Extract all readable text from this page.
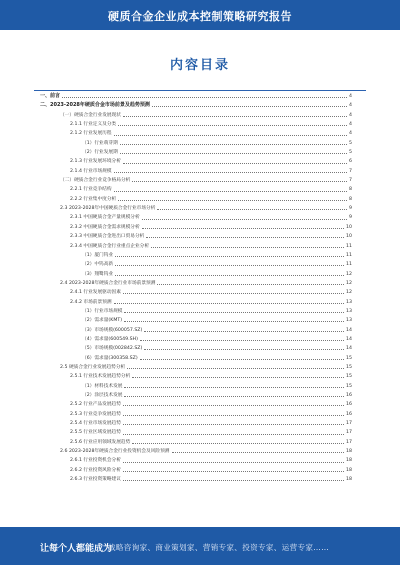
硬质合金企业成本控制策略研究报告
内容目录
一、前言	4
二、2023-2028年硬质合金市场前景及趋势预测	4
（一）硬质合金行业发展现状	4
2.1.1 行业定义及分类	4
2.1.2 行业发展历程	4
（1）行业萌芽期	5
（2）行业发展期	5
2.1.3 行业发展环境分析	6
2.1.4 行业市场规模	7
（二）硬质合金行业竞争格局分析	7
2.2.1 行业竞争结构	8
2.2.2 行业集中度分析	8
2.3 2023-2028年中国硬质合金行业市场分析	9
2.3.1 中国硬质合金产量规模分析	9
2.3.2 中国硬质合金需求规模分析	10
2.3.3 中国硬质合金进出口贸易分析	10
2.3.4 中国硬质合金行业重点企业分析	11
（1）厦门钨业	11
（2）中钨高新	11
（3）翔鹭钨业	12
2.4 2023-2028年硬质合金行业市场前景预测	12
2.4.1 行业发展驱动因素	12
2.4.2 市场前景预测	13
（1）行业市场规模	13
（2）需求量(KMT)	13
（3）市场规模(600057.SZ)	14
（4）需求量(600549.SH)	14
（5）市场规模(002842.SZ)	14
（6）需求量(300358.SZ)	15
2.5 硬质合金行业发展趋势分析	15
2.5.1 行业技术发展趋势分析	15
（1）材料技术发展	15
（2）涂层技术发展	16
2.5.2 行业产品发展趋势	16
2.5.3 行业竞争发展趋势	16
2.5.4 行业市场发展趋势	17
2.5.5 行业区域发展趋势	17
2.5.6 行业应用领域发展趋势	17
2.6 2023-2028年硬质合金行业投资机会及风险预测	18
2.6.1 行业投资机会分析	18
2.6.2 行业投资风险分析	18
2.6.3 行业投资策略建议	18
让每个人都能成为
战略咨询家、商业策划家、营销专家、投资专家、运营专家……
